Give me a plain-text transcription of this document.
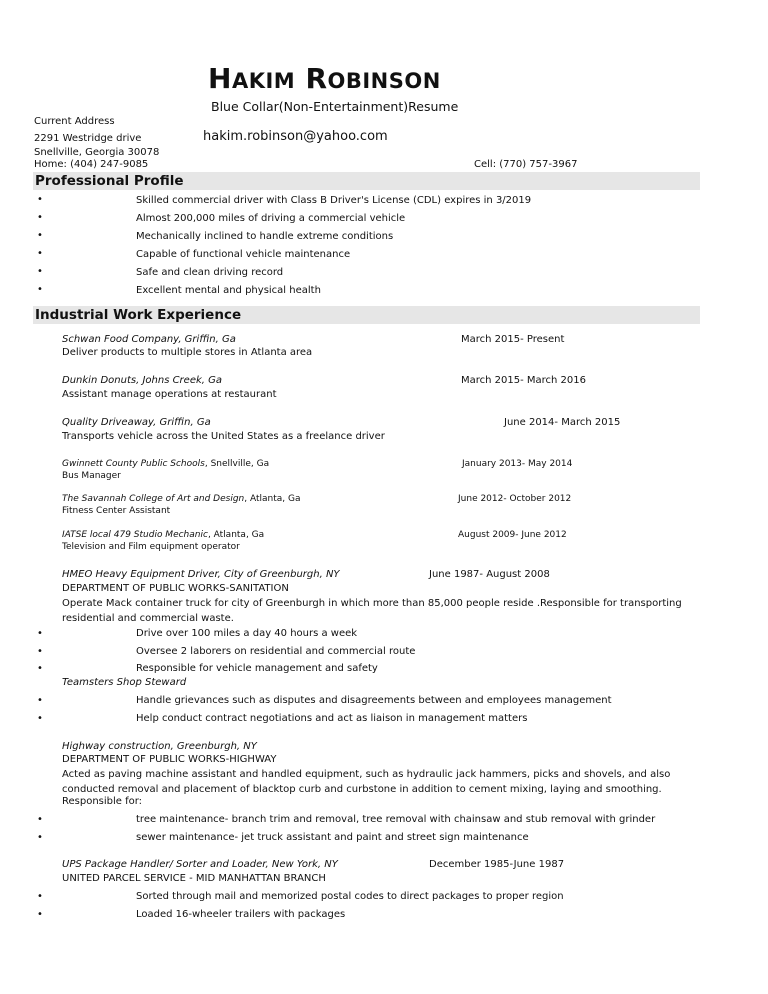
HAKIM ROBINSON
Blue Collar(Non-Entertainment)Resume
Current Address
2291 Westridge drive	hakim.robinson@yahoo.com
Snellville, Georgia 30078
Home: (404) 247-9085	Cell: (770) 757-3967
Professional Profile
•	Skilled commercial driver with Class B Driver's License (CDL) expires in 3/2019
•	Almost 200,000 miles of driving a commercial vehicle
•	Mechanically inclined to handle extreme conditions
•	Capable of functional vehicle maintenance
•	Safe and clean driving record
•	Excellent mental and physical health
Industrial Work Experience
Schwan Food Company, Griffin, Ga	March 2015- Present
Deliver products to multiple stores in Atlanta area
Dunkin Donuts, Johns Creek, Ga	March 2015- March 2016
Assistant manage operations at restaurant
Quality Driveaway, Griffin, Ga	June 2014- March 2015
Transports vehicle across the United States as a freelance driver
Gwinnett County Public Schools, Snellville, Ga	January 2013- May 2014
Bus Manager
The Savannah College of Art and Design, Atlanta, Ga	June 2012- October 2012
Fitness Center Assistant
IATSE local 479 Studio Mechanic, Atlanta, Ga	August 2009- June 2012
Television and Film equipment operator
HMEO Heavy Equipment Driver, City of Greenburgh, NY	June 1987- August 2008
DEPARTMENT OF PUBLIC WORKS-SANITATION
Operate Mack container truck for city of Greenburgh in which more than 85,000 people reside .Responsible for transporting residential and commercial waste.
•	Drive over 100 miles a day 40 hours a week
•	Oversee 2 laborers on residential and commercial route
•	Responsible for vehicle management and safety
Teamsters Shop Steward
•	Handle grievances such as disputes and disagreements between and employees management
•	Help conduct contract negotiations and act as liaison in management matters
Highway construction, Greenburgh, NY
DEPARTMENT OF PUBLIC WORKS-HIGHWAY
Acted as paving machine assistant and handled equipment, such as hydraulic jack hammers, picks and shovels, and also conducted removal and placement of blacktop curb and curbstone in addition to cement mixing, laying and smoothing.
Responsible for:
•	tree maintenance- branch trim and removal, tree removal with chainsaw and stub removal with grinder
•	sewer maintenance- jet truck assistant and paint and street sign maintenance
UPS Package Handler/ Sorter and Loader, New York, NY	December 1985-June 1987
UNITED PARCEL SERVICE - MID MANHATTAN BRANCH
•	Sorted through mail and memorized postal codes to direct packages to proper region
•	Loaded 16-wheeler trailers with packages
